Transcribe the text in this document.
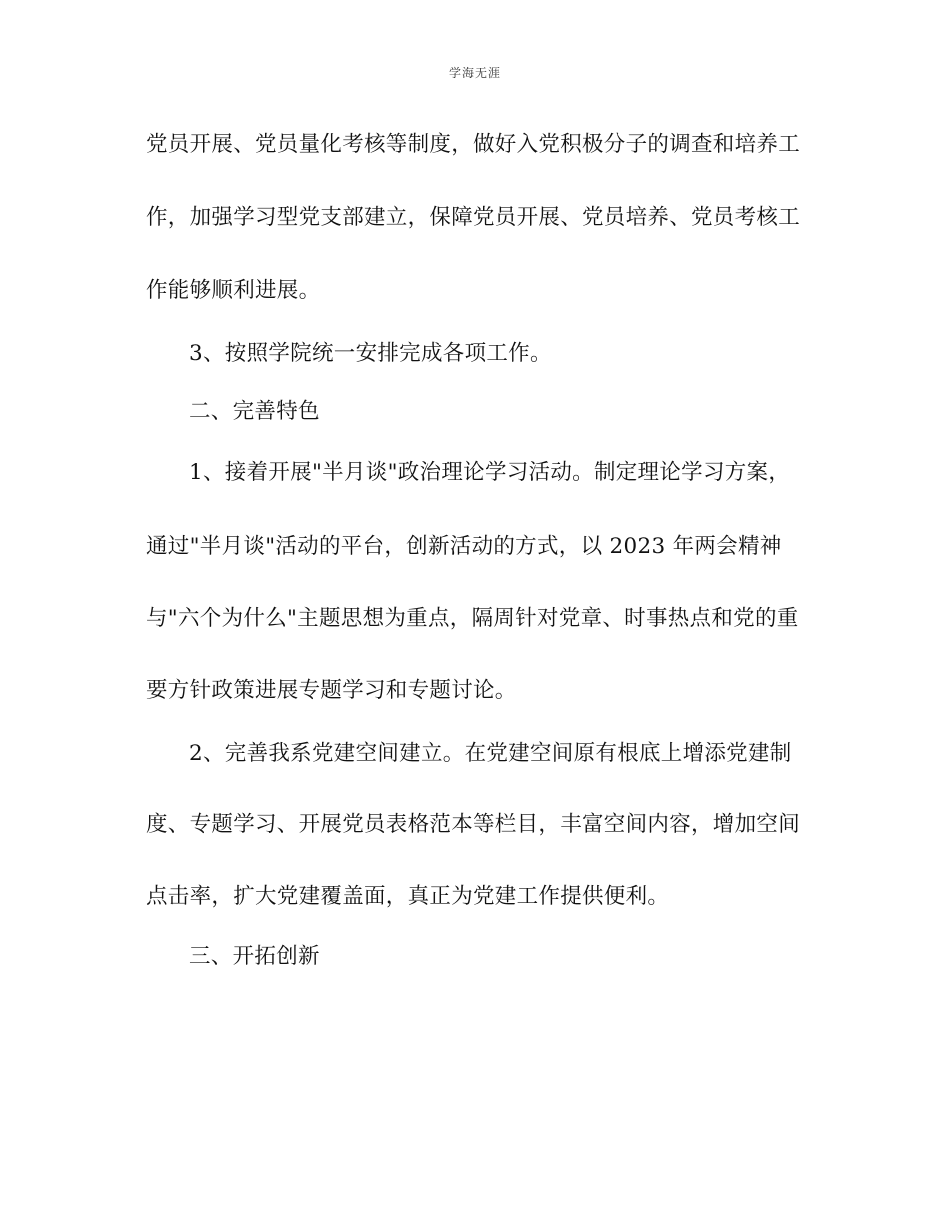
学海无涯
党员开展、党员量化考核等制度，做好入党积极分子的调查和培养工
作，加强学习型党支部建立，保障党员开展、党员培养、党员考核工
作能够顺利进展。
3、按照学院统一安排完成各项工作。
二、完善特色
1、接着开展"半月谈"政治理论学习活动。制定理论学习方案，
通过"半月谈"活动的平台，创新活动的方式，以 2023 年两会精神
与"六个为什么"主题思想为重点，隔周针对党章、时事热点和党的重
要方针政策进展专题学习和专题讨论。
2、完善我系党建空间建立。在党建空间原有根底上增添党建制
度、专题学习、开展党员表格范本等栏目，丰富空间内容，增加空间
点击率，扩大党建覆盖面，真正为党建工作提供便利。
三、开拓创新
